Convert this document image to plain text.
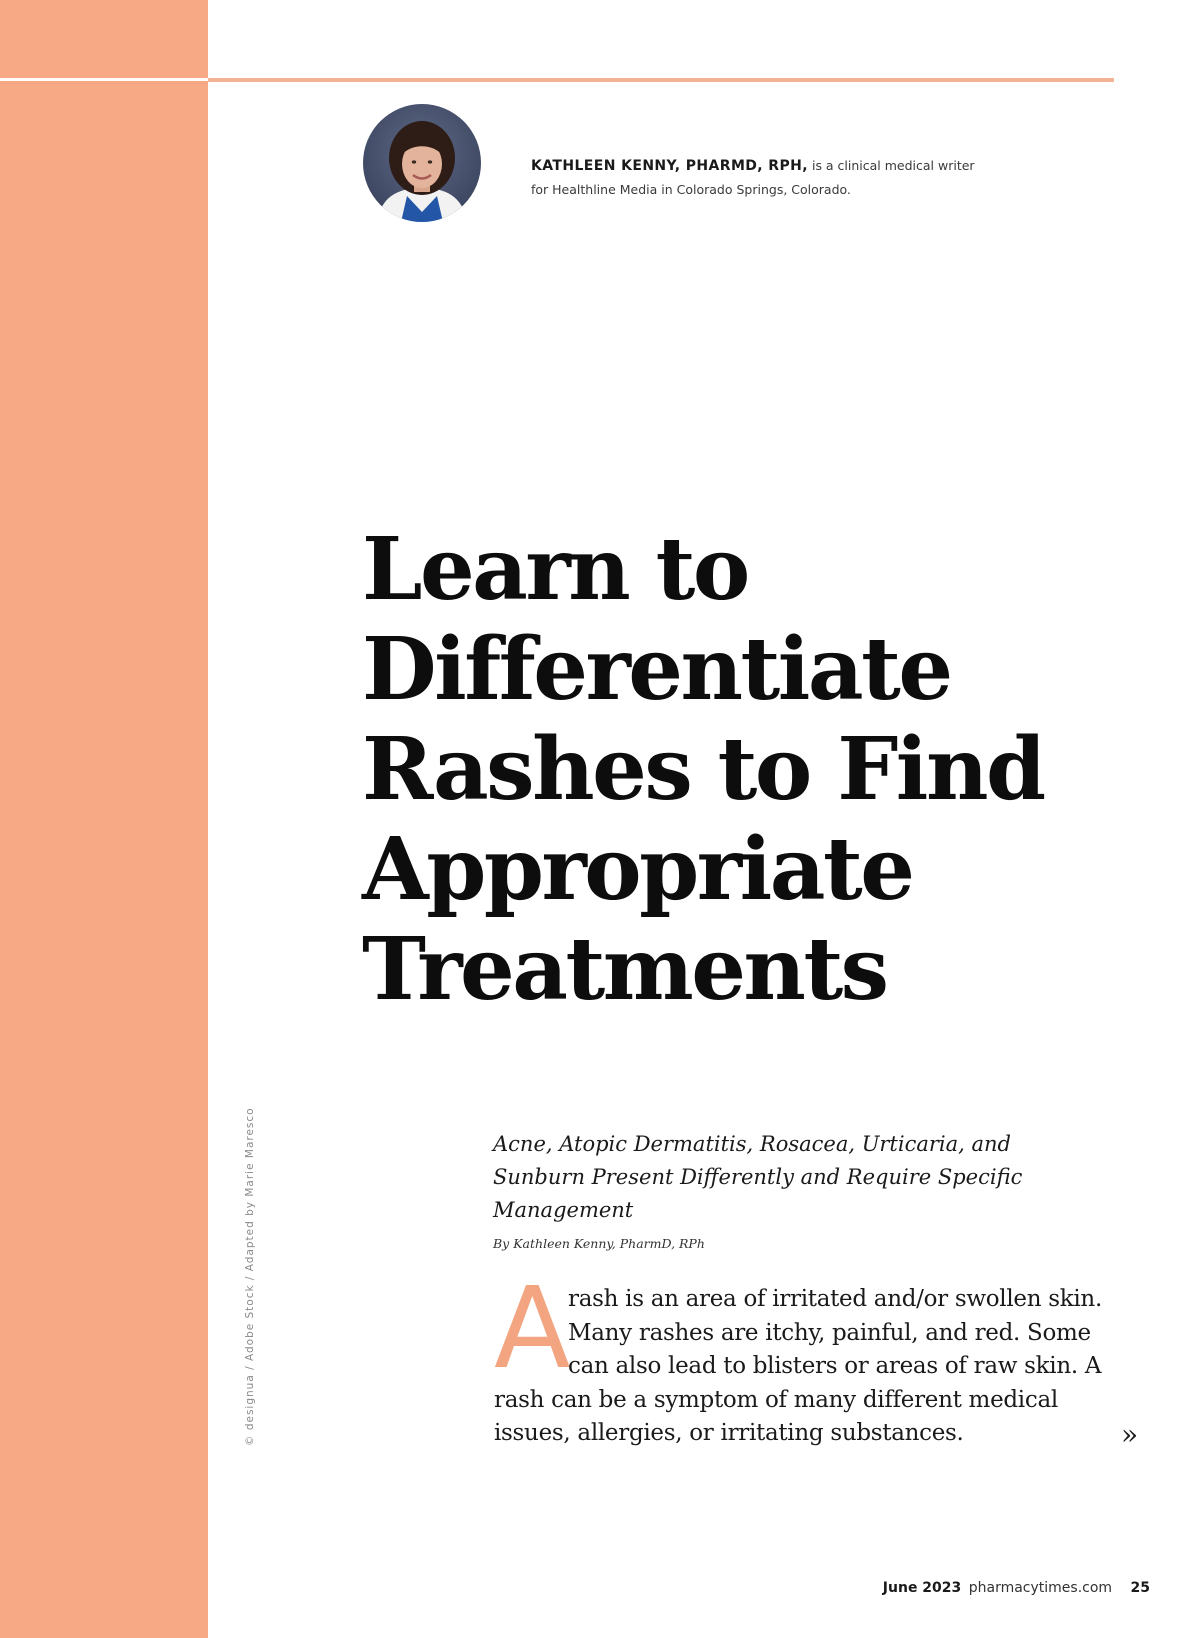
KATHLEEN KENNY, PHARMD, RPH, is a clinical medical writer
for Healthline Media in Colorado Springs, Colorado.
Learn to
Differentiate
Rashes to Find
Appropriate
Treatments

Acne, Atopic Dermatitis, Rosacea, Urticaria, and
Sunburn Present Differently and Require Specific
Management

By Kathleen Kenny, PharmD, RPh
A

rash is an area of irritated and/or swollen skin. Many rashes are itchy, painful, and red. Some can also lead to blisters or areas of raw skin. A rash can be a symptom of many different medical issues, allergies, or irritating substances.	»
© designua / Adobe Stock / Adapted by Marie Maresco
June 2023 pharmacytimes.com 25
